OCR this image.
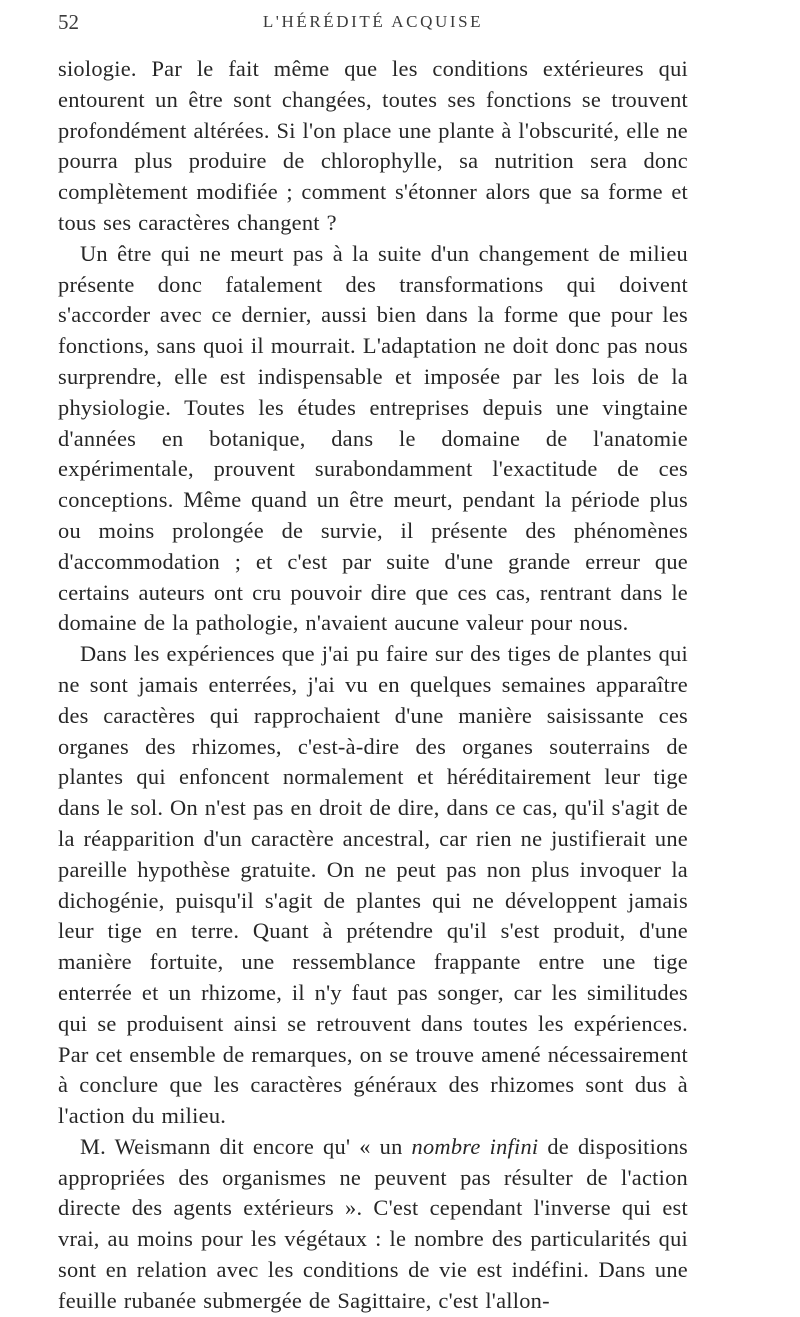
52	L'HÉRÉDITÉ ACQUISE

siologie. Par le fait même que les conditions extérieures qui entourent un être sont changées, toutes ses fonctions se trouvent profondément altérées. Si l'on place une plante à l'obscurité, elle ne pourra plus produire de chlorophylle, sa nutrition sera donc complètement modifiée ; comment s'étonner alors que sa forme et tous ses caractères changent ?

Un être qui ne meurt pas à la suite d'un changement de milieu présente donc fatalement des transformations qui doivent s'accorder avec ce dernier, aussi bien dans la forme que pour les fonctions, sans quoi il mourrait. L'adaptation ne doit donc pas nous surprendre, elle est indispensable et imposée par les lois de la physiologie. Toutes les études entreprises depuis une vingtaine d'années en botanique, dans le domaine de l'anatomie expérimentale, prouvent surabondamment l'exactitude de ces conceptions. Même quand un être meurt, pendant la période plus ou moins prolongée de survie, il présente des phénomènes d'accommodation ; et c'est par suite d'une grande erreur que certains auteurs ont cru pouvoir dire que ces cas, rentrant dans le domaine de la pathologie, n'avaient aucune valeur pour nous.

Dans les expériences que j'ai pu faire sur des tiges de plantes qui ne sont jamais enterrées, j'ai vu en quelques semaines apparaître des caractères qui rapprochaient d'une manière saisissante ces organes des rhizomes, c'est-à-dire des organes souterrains de plantes qui enfoncent normalement et héréditairement leur tige dans le sol. On n'est pas en droit de dire, dans ce cas, qu'il s'agit de la réapparition d'un caractère ancestral, car rien ne justifierait une pareille hypothèse gratuite. On ne peut pas non plus invoquer la dichogénie, puisqu'il s'agit de plantes qui ne développent jamais leur tige en terre. Quant à prétendre qu'il s'est produit, d'une manière fortuite, une ressemblance frappante entre une tige enterrée et un rhizome, il n'y faut pas songer, car les similitudes qui se produisent ainsi se retrouvent dans toutes les expériences. Par cet ensemble de remarques, on se trouve amené nécessairement à conclure que les caractères généraux des rhizomes sont dus à l'action du milieu.

M. Weismann dit encore qu' « un nombre infini de dispositions appropriées des organismes ne peuvent pas résulter de l'action directe des agents extérieurs ». C'est cependant l'inverse qui est vrai, au moins pour les végétaux : le nombre des particularités qui sont en relation avec les conditions de vie est indéfini. Dans une feuille rubanée submergée de Sagittaire, c'est l'allon-
